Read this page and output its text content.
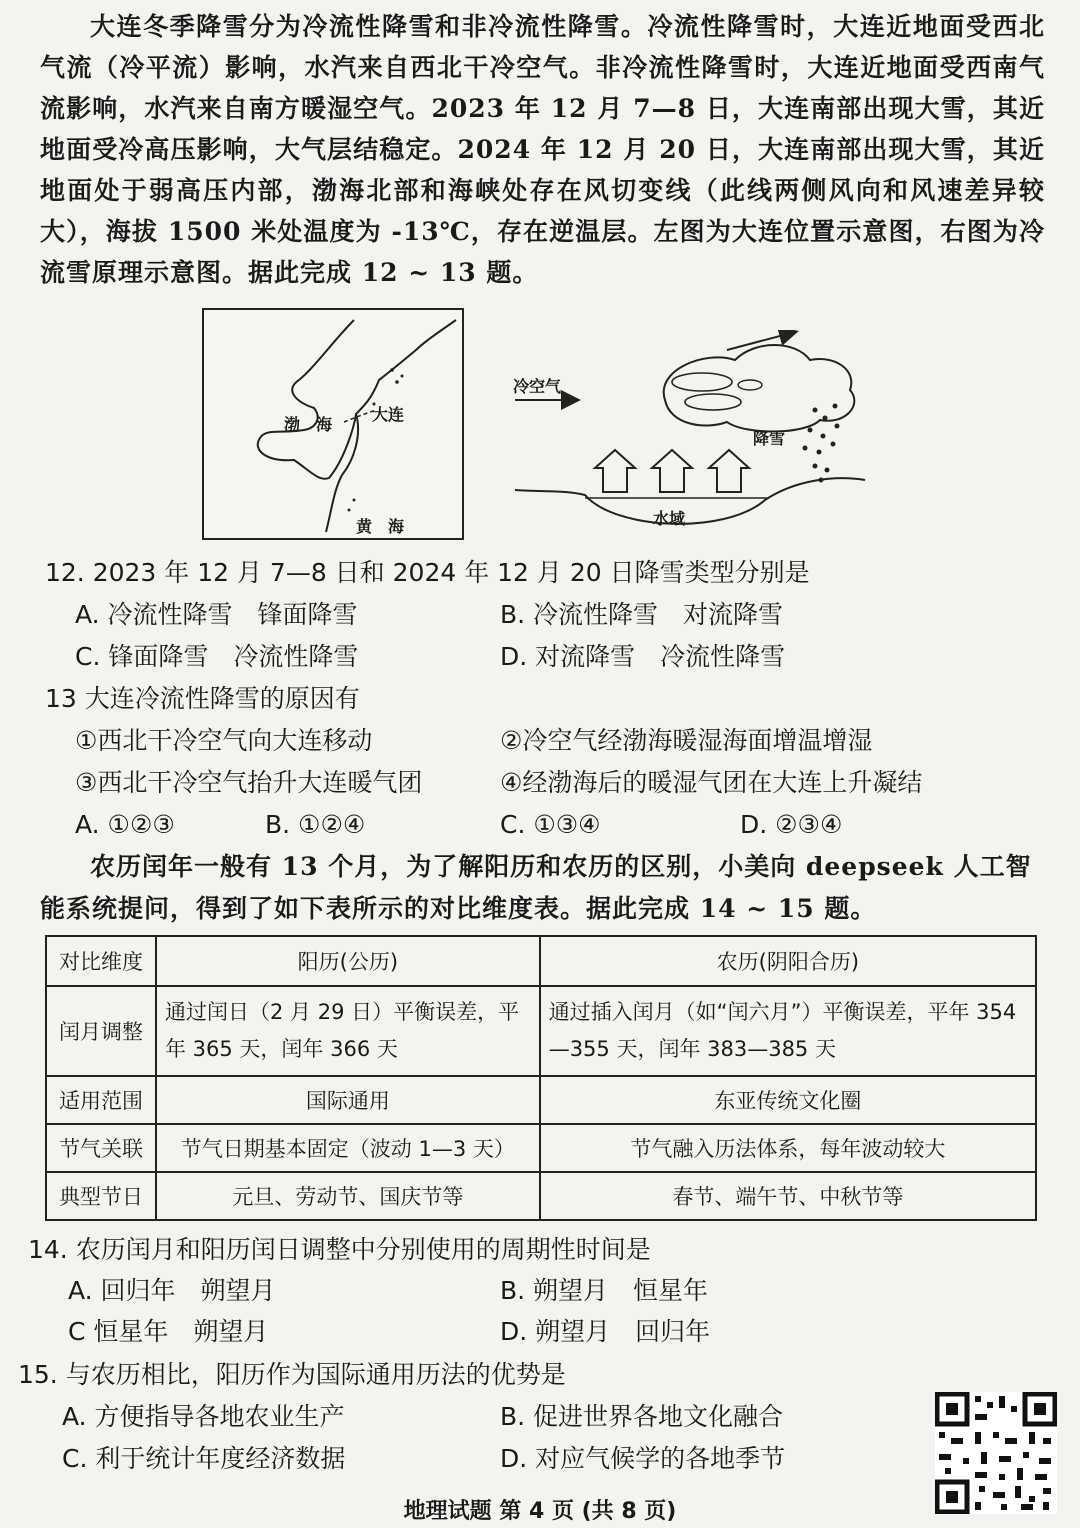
大连冬季降雪分为冷流性降雪和非冷流性降雪。冷流性降雪时，大连近地面受西北气流（冷平流）影响，水汽来自西北干冷空气。非冷流性降雪时，大连近地面受西南气流影响，水汽来自南方暖湿空气。2023 年 12 月 7—8 日，大连南部出现大雪，其近地面受冷高压影响，大气层结稳定。2024 年 12 月 20 日，大连南部出现大雪，其近地面处于弱高压内部，渤海北部和海峡处存在风切变线（此线两侧风向和风速差异较大），海拔 1500 米处温度为 -13℃，存在逆温层。左图为大连位置示意图，右图为冷流雪原理示意图。据此完成 12 ~ 13 题。

渤　海
大连
黄　海
冷空气
降雪
水域
12. 2023 年 12 月 7—8 日和 2024 年 12 月 20 日降雪类型分别是
A. 冷流性降雪　锋面降雪	B. 冷流性降雪　对流降雪
C. 锋面降雪　冷流性降雪	D. 对流降雪　冷流性降雪
13 大连冷流性降雪的原因有
①西北干冷空气向大连移动	②冷空气经渤海暖湿海面增温增湿
③西北干冷空气抬升大连暖气团	④经渤海后的暖湿气团在大连上升凝结
A. ①②③	B. ①②④	C. ①③④	D. ②③④

农历闰年一般有 13 个月，为了解阳历和农历的区别，小美向 deepseek 人工智能系统提问，得到了如下表所示的对比维度表。据此完成 14 ~ 15 题。

对比维度	阳历(公历)	农历(阴阳合历)
闰月调整	通过闰日（2 月 29 日）平衡误差，平年 365 天，闰年 366 天	通过插入闰月（如“闰六月”）平衡误差，平年 354—355 天，闰年 383—385 天
适用范围	国际通用	东亚传统文化圈
节气关联	节气日期基本固定（波动 1—3 天）	节气融入历法体系，每年波动较大
典型节日	元旦、劳动节、国庆节等	春节、端午节、中秋节等
14. 农历闰月和阳历闰日调整中分别使用的周期性时间是
A. 回归年　朔望月	B. 朔望月　恒星年
C 恒星年　朔望月	D. 朔望月　回归年
15. 与农历相比，阳历作为国际通用历法的优势是
A. 方便指导各地农业生产	B. 促进世界各地文化融合
C. 利于统计年度经济数据	D. 对应气候学的各地季节
地理试题 第 4 页 (共 8 页)
